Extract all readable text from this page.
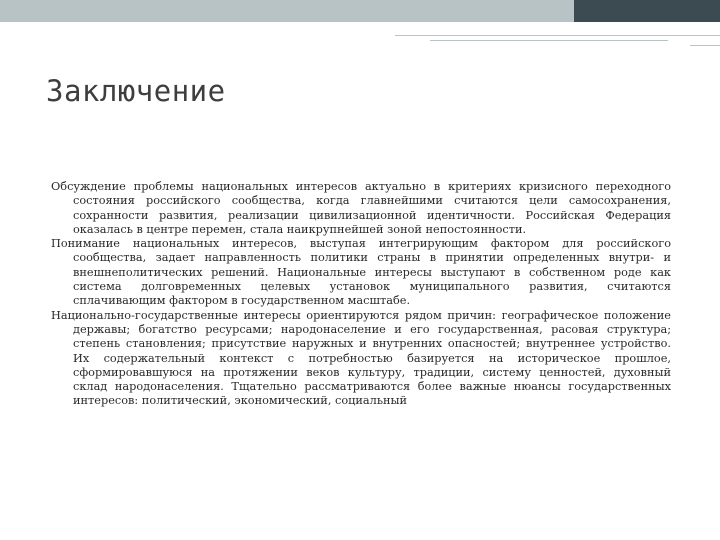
Заключение

Обсуждение проблемы национальных интересов актуально в критериях кризисного переходного состояния российского сообщества, когда главнейшими считаются цели самосохранения, сохранности развития, реализации цивилизационной идентичности. Российская Федерация оказалась в центре перемен, стала наикрупнейшей зоной непостоянности.

Понимание национальных интересов, выступая интегрирующим фактором для российского сообщества, задает направленность политики страны в принятии определенных внутри- и внешнеполитических решений. Национальные интересы выступают в собственном роде как система долговременных целевых установок муниципального развития, считаются сплачивающим фактором в государственном масштабе.

Национально-государственные интересы ориентируются рядом причин: географическое положение державы; богатство ресурсами; народонаселение и его государственная, расовая структура; степень становления; присутствие наружных и внутренних опасностей; внутреннее устройство. Их содержательный контекст с потребностью базируется на историческое прошлое, сформировавшуюся на протяжении веков культуру, традиции, систему ценностей, духовный склад народонаселения. Тщательно рассматриваются более важные нюансы государственных интересов: политический, экономический, социальный
